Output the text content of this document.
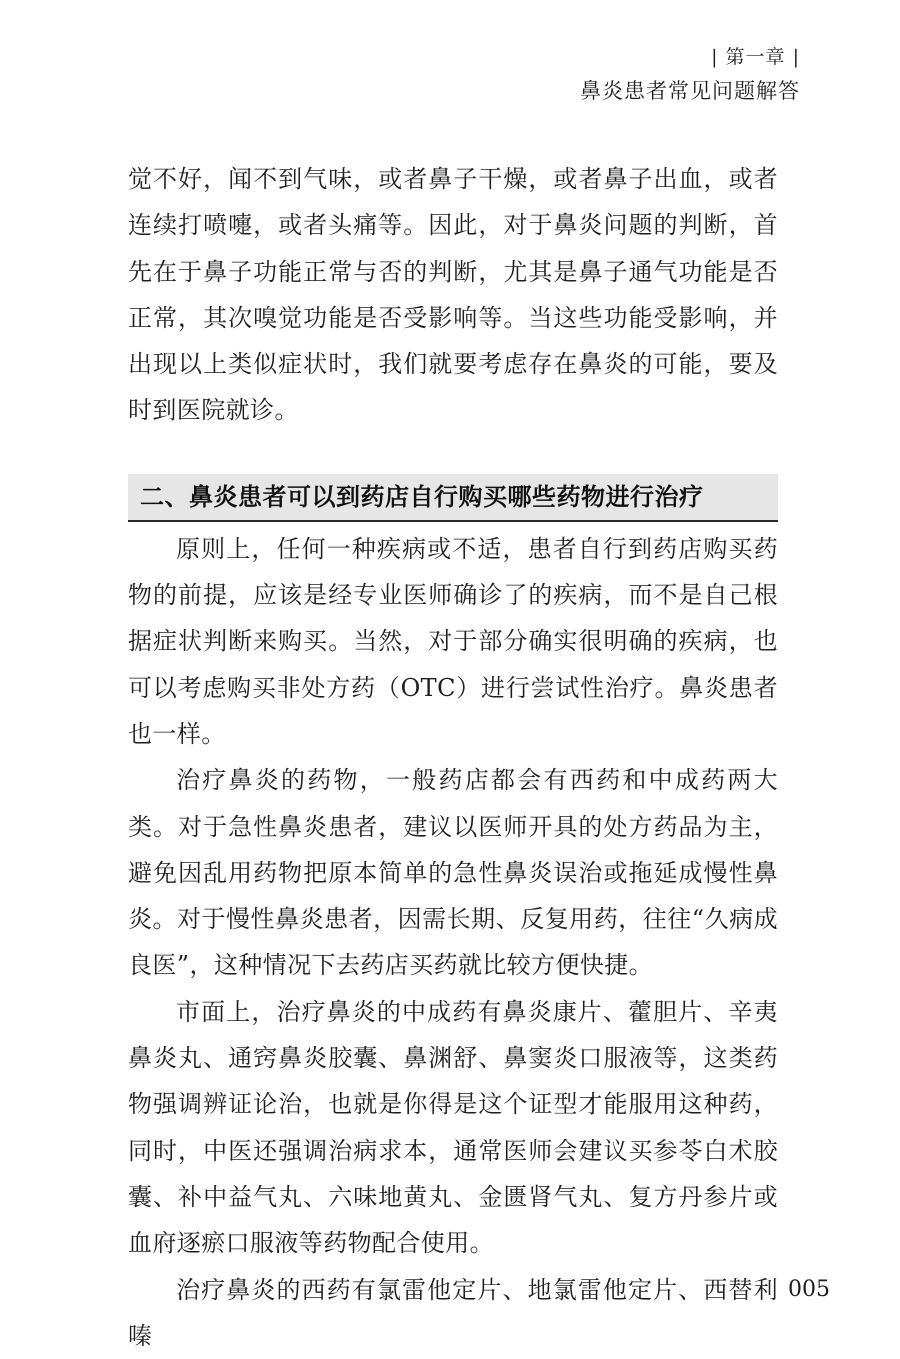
| 第一章 |
鼻炎患者常见问题解答

觉不好，闻不到气味，或者鼻子干燥，或者鼻子出血，或者连续打喷嚏，或者头痛等。因此，对于鼻炎问题的判断，首先在于鼻子功能正常与否的判断，尤其是鼻子通气功能是否正常，其次嗅觉功能是否受影响等。当这些功能受影响，并出现以上类似症状时，我们就要考虑存在鼻炎的可能，要及时到医院就诊。

二、鼻炎患者可以到药店自行购买哪些药物进行治疗

原则上，任何一种疾病或不适，患者自行到药店购买药物的前提，应该是经专业医师确诊了的疾病，而不是自己根据症状判断来购买。当然，对于部分确实很明确的疾病，也可以考虑购买非处方药（OTC）进行尝试性治疗。鼻炎患者也一样。

治疗鼻炎的药物，一般药店都会有西药和中成药两大类。对于急性鼻炎患者，建议以医师开具的处方药品为主，避免因乱用药物把原本简单的急性鼻炎误治或拖延成慢性鼻炎。对于慢性鼻炎患者，因需长期、反复用药，往往“久病成良医”，这种情况下去药店买药就比较方便快捷。

市面上，治疗鼻炎的中成药有鼻炎康片、藿胆片、辛夷鼻炎丸、通窍鼻炎胶囊、鼻渊舒、鼻窦炎口服液等，这类药物强调辨证论治，也就是你得是这个证型才能服用这种药，同时，中医还强调治病求本，通常医师会建议买参苓白术胶囊、补中益气丸、六味地黄丸、金匮肾气丸、复方丹参片或血府逐瘀口服液等药物配合使用。

治疗鼻炎的西药有氯雷他定片、地氯雷他定片、西替利嗪

005
